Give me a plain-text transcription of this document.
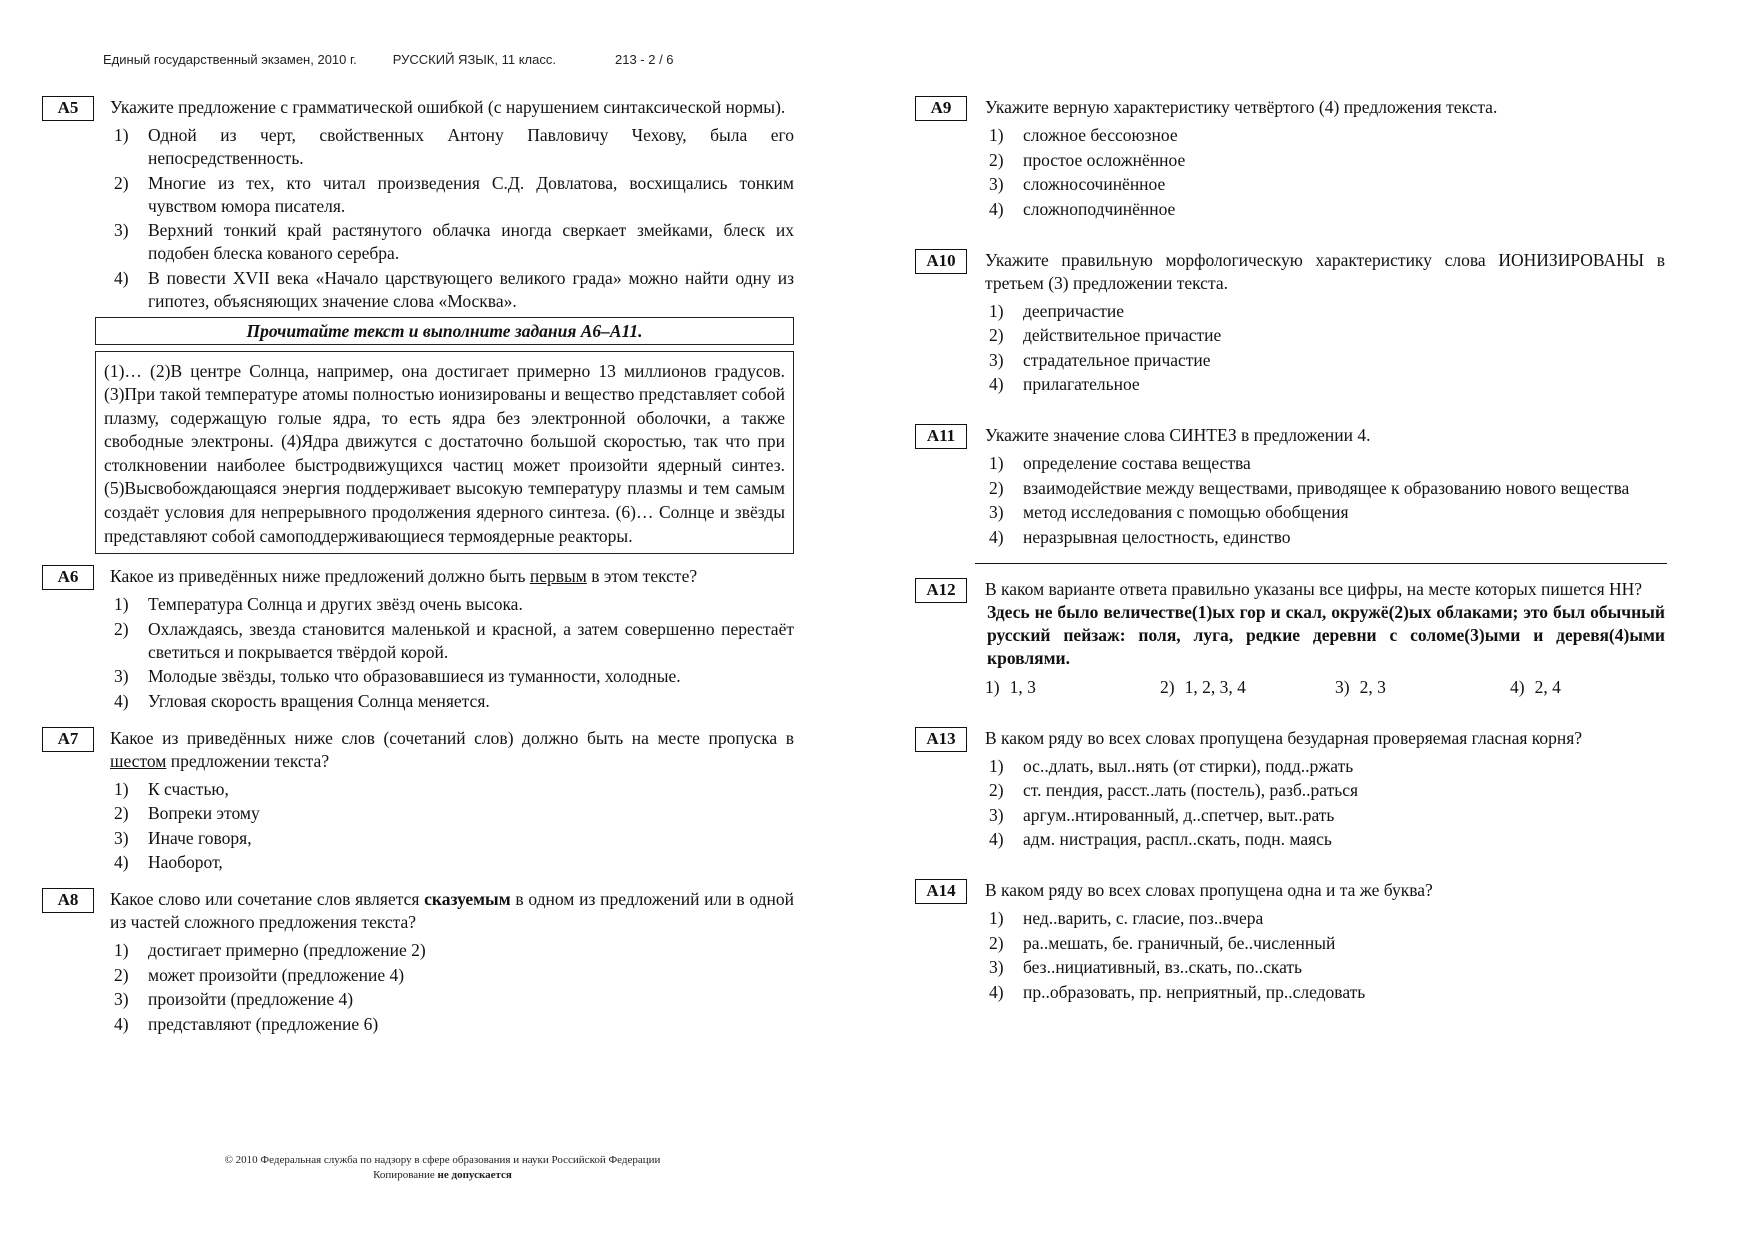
Единый государственный экзамен, 2010 г.	РУССКИЙ ЯЗЫК, 11 класс.	213 - 2 / 6
А5	Укажите предложение с грамматической ошибкой (с нарушением синтаксической нормы).
1) Одной из черт, свойственных Антону Павловичу Чехову, была его непосредственность.
2) Многие из тех, кто читал произведения С.Д. Довлатова, восхищались тонким чувством юмора писателя.
3) Верхний тонкий край растянутого облачка иногда сверкает змейками, блеск их подобен блеска кованого серебра.
4) В повести XVII века «Начало царствующего великого града» можно найти одну из гипотез, объясняющих значение слова «Москва».
Прочитайте текст и выполните задания А6–А11.
(1)… (2)В центре Солнца, например, она достигает примерно 13 миллионов градусов. (3)При такой температуре атомы полностью ионизированы и вещество представляет собой плазму, содержащую голые ядра, то есть ядра без электронной оболочки, а также свободные электроны. (4)Ядра движутся с достаточно большой скоростью, так что при столкновении наиболее быстродвижущихся частиц может произойти ядерный синтез. (5)Высвобождающаяся энергия поддерживает высокую температуру плазмы и тем самым создаёт условия для непрерывного продолжения ядерного синтеза. (6)… Солнце и звёзды представляют собой самоподдерживающиеся термоядерные реакторы.
А6	Какое из приведённых ниже предложений должно быть первым в этом тексте?
1) Температура Солнца и других звёзд очень высока.
2) Охлаждаясь, звезда становится маленькой и красной, а затем совершенно перестаёт светиться и покрывается твёрдой корой.
3) Молодые звёзды, только что образовавшиеся из туманности, холодные.
4) Угловая скорость вращения Солнца меняется.
А7	Какое из приведённых ниже слов (сочетаний слов) должно быть на месте пропуска в шестом предложении текста?
1) К счастью,
2) Вопреки этому
3) Иначе говоря,
4) Наоборот,
А8	Какое слово или сочетание слов является сказуемым в одном из предложений или в одной из частей сложного предложения текста?
1) достигает примерно (предложение 2)
2) может произойти (предложение 4)
3) произойти (предложение 4)
4) представляют (предложение 6)
А9	Укажите верную характеристику четвёртого (4) предложения текста.
1) сложное бессоюзное
2) простое осложнённое
3) сложносочинённое
4) сложноподчинённое
А10	Укажите правильную морфологическую характеристику слова ИОНИЗИРОВАНЫ в третьем (3) предложении текста.
1) деепричастие
2) действительное причастие
3) страдательное причастие
4) прилагательное
А11	Укажите значение слова СИНТЕЗ в предложении 4.
1) определение состава вещества
2) взаимодействие между веществами, приводящее к образованию нового вещества
3) метод исследования с помощью обобщения
4) неразрывная целостность, единство
А12	В каком варианте ответа правильно указаны все цифры, на месте которых пишется НН?
Здесь не было величестве(1)ых гор и скал, окружё(2)ых облаками; это был обычный русский пейзаж: поля, луга, редкие деревни с соломе(3)ыми и деревя(4)ыми кровлями.
1) 1, 3	2) 1, 2, 3, 4	3) 2, 3	4) 2, 4
А13	В каком ряду во всех словах пропущена безударная проверяемая гласная корня?
1) ос..длать, выл..нять (от стирки), подд..ржать
2) ст. пендия, расст..лать (постель), разб..раться
3) аргум..нтированный, д..спетчер, выт..рать
4) адм. нистрация, распл..скать, подн. маясь
А14	В каком ряду во всех словах пропущена одна и та же буква?
1) нед..варить, с. гласие, поз..вчера
2) ра..мешать, бе. граничный, бе..численный
3) без..нициативный, вз..скать, по..скать
4) пр..образовать, пр. неприятный, пр..следовать
© 2010 Федеральная служба по надзору в сфере образования и науки Российской Федерации
Копирование не допускается
